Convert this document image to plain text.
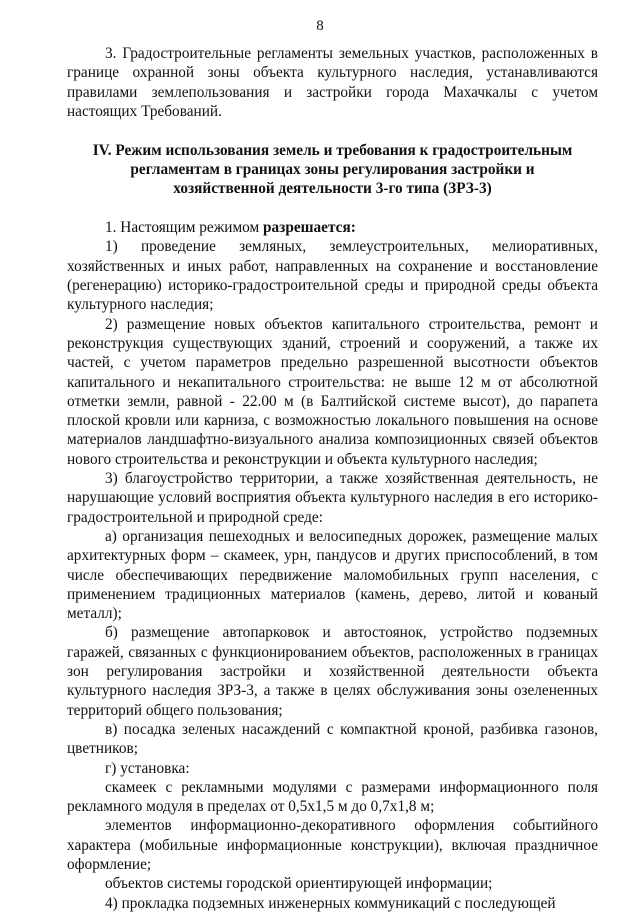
8

3. Градостроительные регламенты земельных участков, расположенных в границе охранной зоны объекта культурного наследия, устанавливаются правилами землепользования и застройки города Махачкалы с учетом настоящих Требований.

IV. Режим использования земель и требования к градостроительным
регламентам в границах зоны регулирования застройки и
хозяйственной деятельности 3-го типа (ЗРЗ-3)

1. Настоящим режимом разрешается:

1) проведение земляных, землеустроительных, мелиоративных, хозяйственных и иных работ, направленных на сохранение и восстановление (регенерацию) историко-градостроительной среды и природной среды объекта культурного наследия;

2) размещение новых объектов капитального строительства, ремонт и реконструкция существующих зданий, строений и сооружений, а также их частей, с учетом параметров предельно разрешенной высотности объектов капитального и некапитального строительства: не выше 12 м от абсолютной отметки земли, равной - 22.00 м (в Балтийской системе высот), до парапета плоской кровли или карниза, с возможностью локального повышения на основе материалов ландшафтно-визуального анализа композиционных связей объектов нового строительства и реконструкции и объекта культурного наследия;

3) благоустройство территории, а также хозяйственная деятельность, не нарушающие условий восприятия объекта культурного наследия в его историко-градостроительной и природной среде:

а) организация пешеходных и велосипедных дорожек, размещение малых архитектурных форм – скамеек, урн, пандусов и других приспособлений, в том числе обеспечивающих передвижение маломобильных групп населения, с применением традиционных материалов (камень, дерево, литой и кованый металл);

б) размещение автопарковок и автостоянок, устройство подземных гаражей, связанных с функционированием объектов, расположенных в границах зон регулирования застройки и хозяйственной деятельности объекта культурного наследия ЗРЗ-3, а также в целях обслуживания зоны озелененных территорий общего пользования;

в) посадка зеленых насаждений с компактной кроной, разбивка газонов, цветников;

г) установка:

скамеек с рекламными модулями с размерами информационного поля рекламного модуля в пределах от 0,5х1,5 м до 0,7х1,8 м;

элементов информационно-декоративного оформления событийного характера (мобильные информационные конструкции), включая праздничное оформление;

объектов системы городской ориентирующей информации;

4) прокладка подземных инженерных коммуникаций с последующей
